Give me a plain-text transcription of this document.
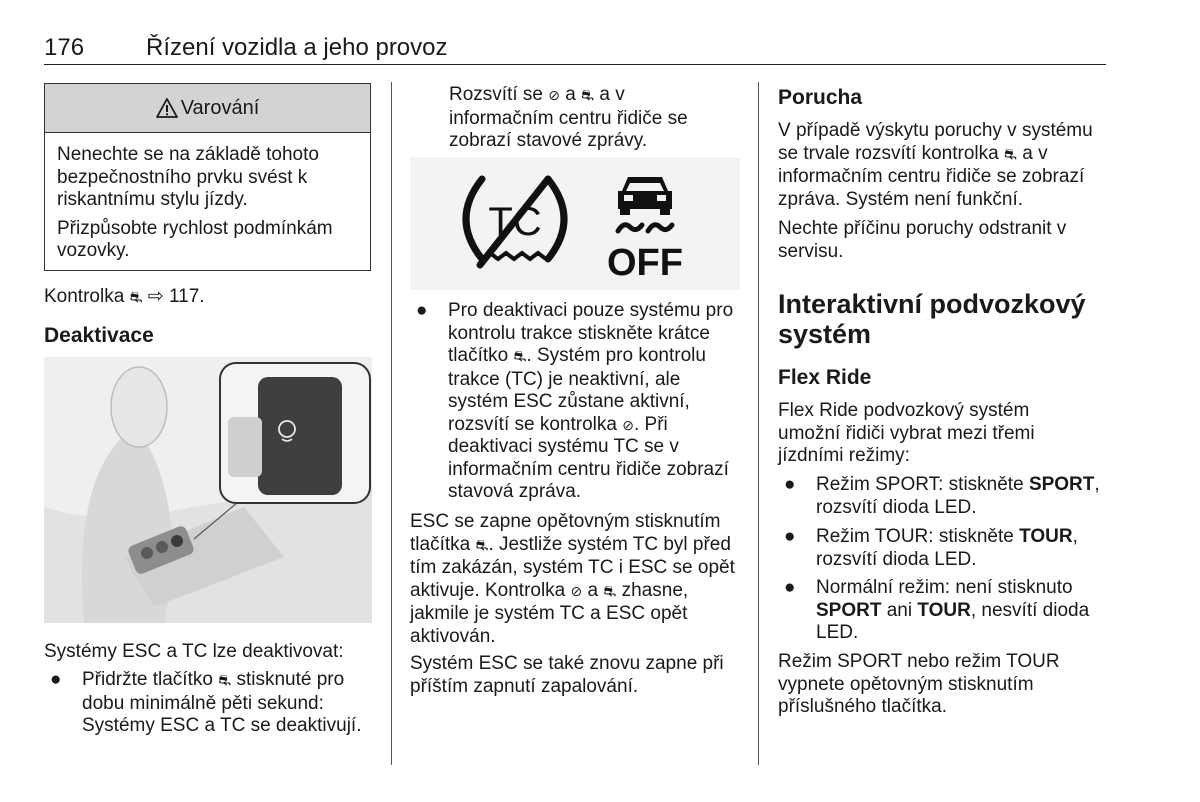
176	Řízení vozidla a jeho provoz
Varování

Nenechte se na základě tohoto bezpečnostního prvku svést k riskantnímu stylu jízdy.

Přizpůsobte rychlost podmínkám vozovky.

Kontrolka ⛐ ⇨ 117.
Deaktivace
Systémy ESC a TC lze deaktivovat:
●	Přidržte tlačítko ⛐ stisknuté pro dobu minimálně pěti sekund: Systémy ESC a TC se deaktivují.
Rozsvítí se ⊘ a ⛐ a v informačním centru řidiče se zobrazí stavové zprávy.
TC
OFF
●	Pro deaktivaci pouze systému pro kontrolu trakce stiskněte krátce tlačítko ⛐. Systém pro kontrolu trakce (TC) je neaktivní, ale systém ESC zůstane aktivní, rozsvítí se kontrolka ⊘. Při deaktivaci systému TC se v informačním centru řidiče zobrazí stavová zpráva.

ESC se zapne opětovným stisknutím tlačítka ⛐. Jestliže systém TC byl před tím zakázán, systém TC i ESC se opět aktivuje. Kontrolka ⊘ a ⛐ zhasne, jakmile je systém TC a ESC opět aktivován.

Systém ESC se také znovu zapne při příštím zapnutí zapalování.

Porucha

V případě výskytu poruchy v systému se trvale rozsvítí kontrolka ⛐ a v informačním centru řidiče se zobrazí zpráva. Systém není funkční.

Nechte příčinu poruchy odstranit v servisu.

Interaktivní podvozkový systém
Flex Ride

Flex Ride podvozkový systém umožní řidiči vybrat mezi třemi jízdními režimy:

●	Režim SPORT: stiskněte SPORT, rozsvítí dioda LED.
●	Režim TOUR: stiskněte TOUR, rozsvítí dioda LED.
●	Normální režim: není stisknuto SPORT ani TOUR, nesvítí dioda LED.

Režim SPORT nebo režim TOUR vypnete opětovným stisknutím příslušného tlačítka.
